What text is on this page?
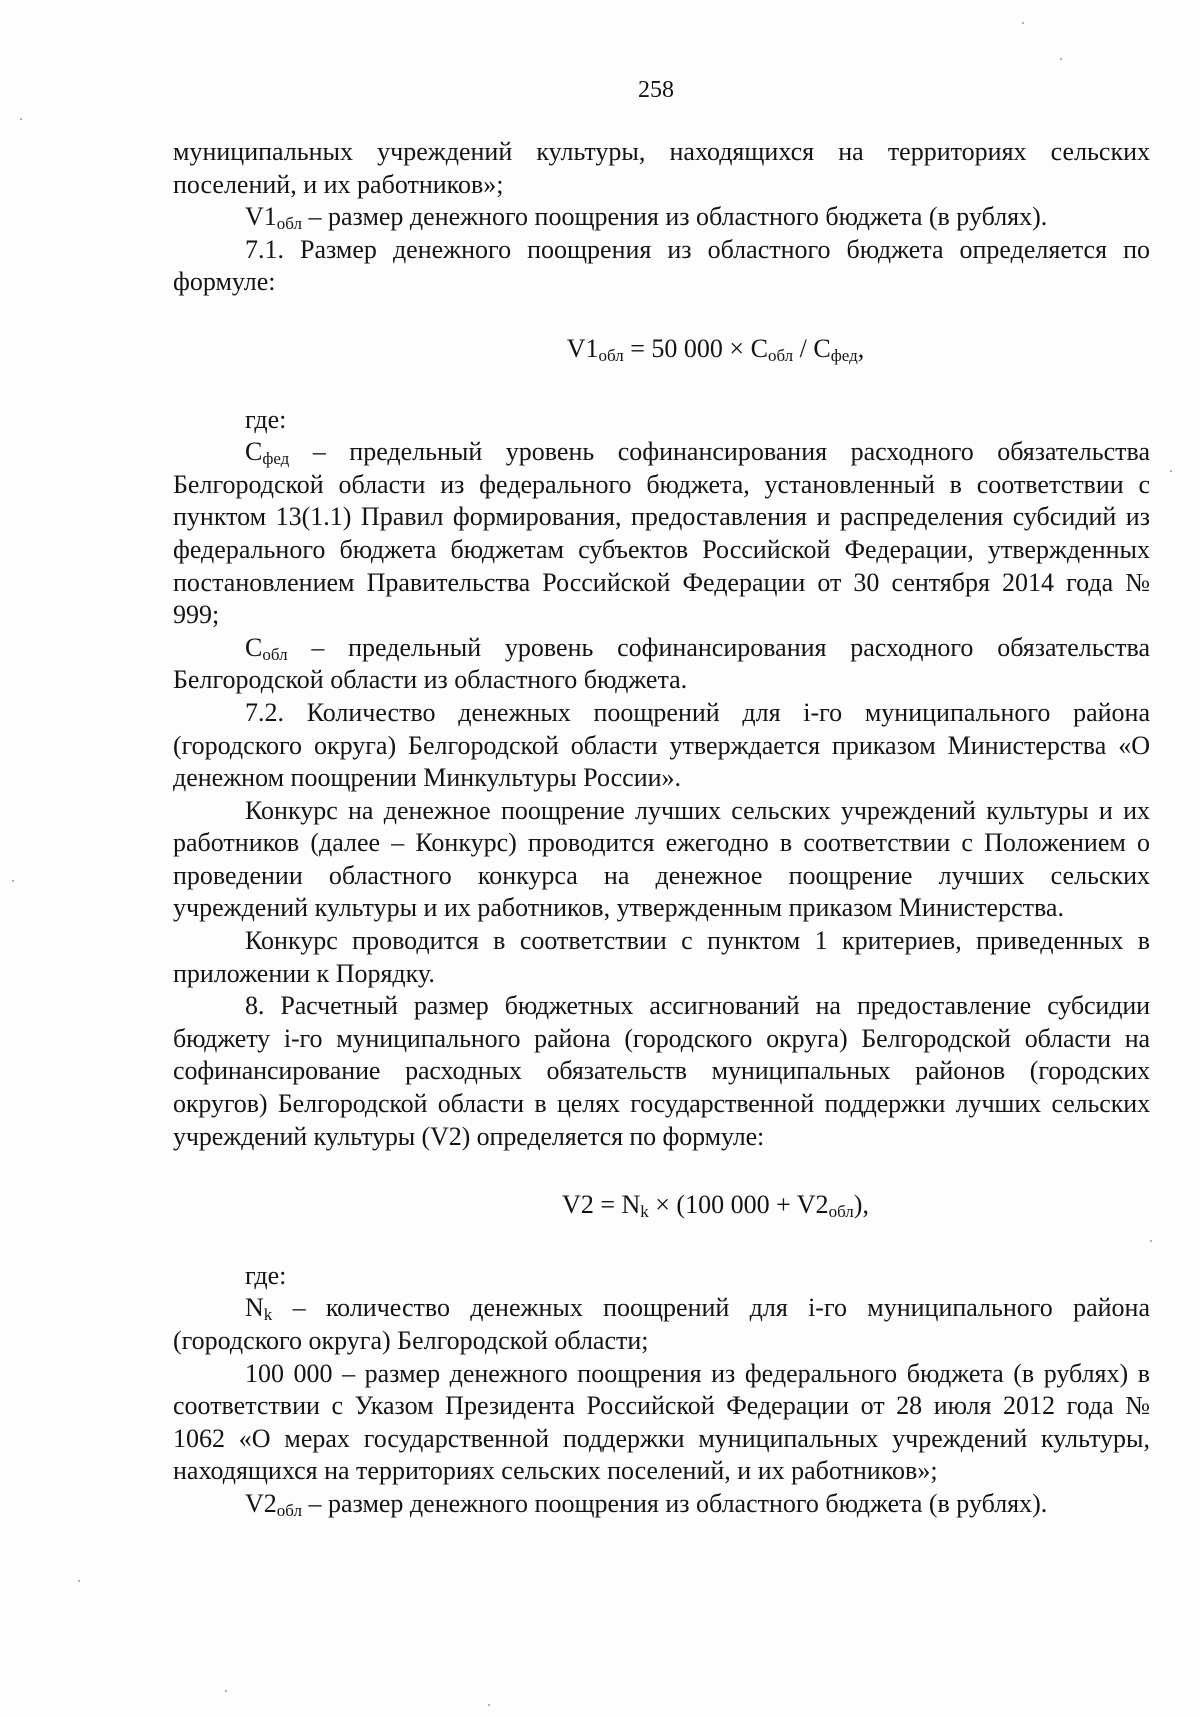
258

муниципальных учреждений культуры, находящихся на территориях сельских поселений, и их работников»;

$V1_{обл}$ – размер денежного поощрения из областного бюджета (в рублях).

7.1. Размер денежного поощрения из областного бюджета определяется по формуле:

$V1_{обл} = 50$ $000 \times С_{обл} / С_{фед}$,

где:

$С_{фед}$ – предельный уровень софинансирования расходного обязательства Белгородской области из федерального бюджета, установленный в соответствии с пунктом 13(1.1) Правил формирования, предоставления и распределения субсидий из федерального бюджета бюджетам субъектов Российской Федерации, утвержденных постановлением Правительства Российской Федерации от 30 сентября 2014 года № 999;

$С_{обл}$ – предельный уровень софинансирования расходного обязательства Белгородской области из областного бюджета.

7.2. Количество денежных поощрений для i-го муниципального района (городского округа) Белгородской области утверждается приказом Министерства «О денежном поощрении Минкультуры России».

Конкурс на денежное поощрение лучших сельских учреждений культуры и их работников (далее – Конкурс) проводится ежегодно в соответствии с Положением о проведении областного конкурса на денежное поощрение лучших сельских учреждений культуры и их работников, утвержденным приказом Министерства.

Конкурс проводится в соответствии с пунктом 1 критериев, приведенных в приложении к Порядку.

8. Расчетный размер бюджетных ассигнований на предоставление субсидии бюджету i-го муниципального района (городского округа) Белгородской области на софинансирование расходных обязательств муниципальных районов (городских округов) Белгородской области в целях государственной поддержки лучших сельских учреждений культуры (V2) определяется по формуле:

$V2 = N_k \times (100$ $000 + V2_{обл}$),

где:

$N_k$ – количество денежных поощрений для i-го муниципального района (городского округа) Белгородской области;

100 000 – размер денежного поощрения из федерального бюджета (в рублях) в соответствии с Указом Президента Российской Федерации от 28 июля 2012 года № 1062 «О мерах государственной поддержки муниципальных учреждений культуры, находящихся на территориях сельских поселений, и их работников»;

$V2_{обл}$ – размер денежного поощрения из областного бюджета (в рублях).
